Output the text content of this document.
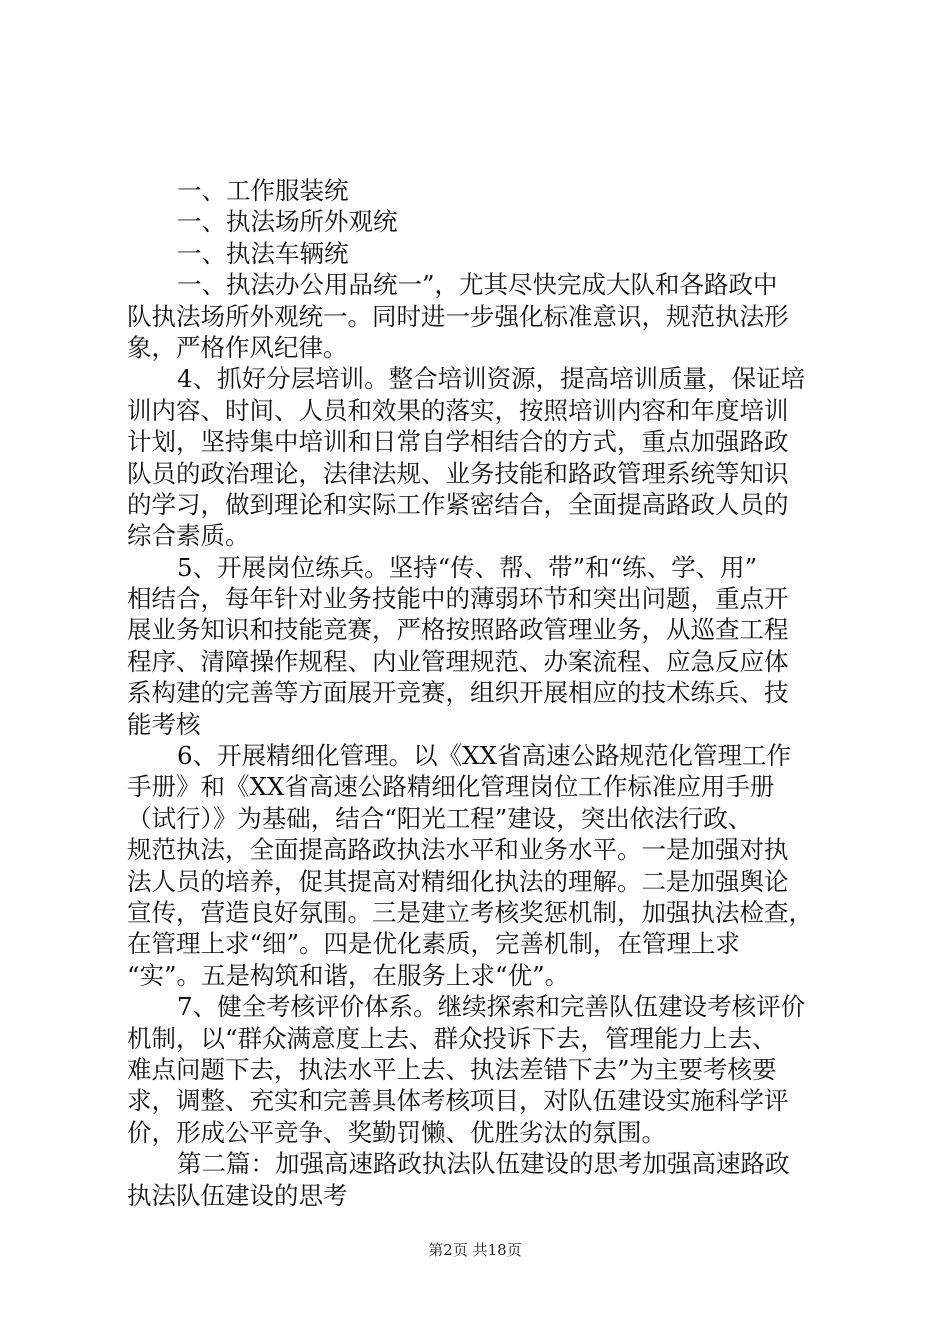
一、工作服装统
一、执法场所外观统
一、执法车辆统
一、执法办公用品统一”，尤其尽快完成大队和各路政中
队执法场所外观统一。同时进一步强化标准意识，规范执法形
象，严格作风纪律。
4、抓好分层培训。整合培训资源，提高培训质量，保证培
训内容、时间、人员和效果的落实，按照培训内容和年度培训
计划，坚持集中培训和日常自学相结合的方式，重点加强路政
队员的政治理论，法律法规、业务技能和路政管理系统等知识
的学习，做到理论和实际工作紧密结合，全面提高路政人员的
综合素质。
5、开展岗位练兵。坚持“传、帮、带”和“练、学、用”
相结合，每年针对业务技能中的薄弱环节和突出问题，重点开
展业务知识和技能竞赛，严格按照路政管理业务，从巡查工程
程序、清障操作规程、内业管理规范、办案流程、应急反应体
系构建的完善等方面展开竞赛，组织开展相应的技术练兵、技
能考核
6、开展精细化管理。以《XX省高速公路规范化管理工作
手册》和《XX省高速公路精细化管理岗位工作标准应用手册
（试行）》为基础，结合“阳光工程”建设，突出依法行政、
规范执法，全面提高路政执法水平和业务水平。一是加强对执
法人员的培养，促其提高对精细化执法的理解。二是加强舆论
宣传，营造良好氛围。三是建立考核奖惩机制，加强执法检查，
在管理上求“细”。四是优化素质，完善机制，在管理上求
“实”。五是构筑和谐，在服务上求“优”。
7、健全考核评价体系。继续探索和完善队伍建设考核评价
机制，以“群众满意度上去、群众投诉下去，管理能力上去、
难点问题下去，执法水平上去、执法差错下去”为主要考核要
求，调整、充实和完善具体考核项目，对队伍建设实施科学评
价，形成公平竞争、奖勤罚懒、优胜劣汰的氛围。
第二篇：加强高速路政执法队伍建设的思考加强高速路政
执法队伍建设的思考
第2页 共18页
